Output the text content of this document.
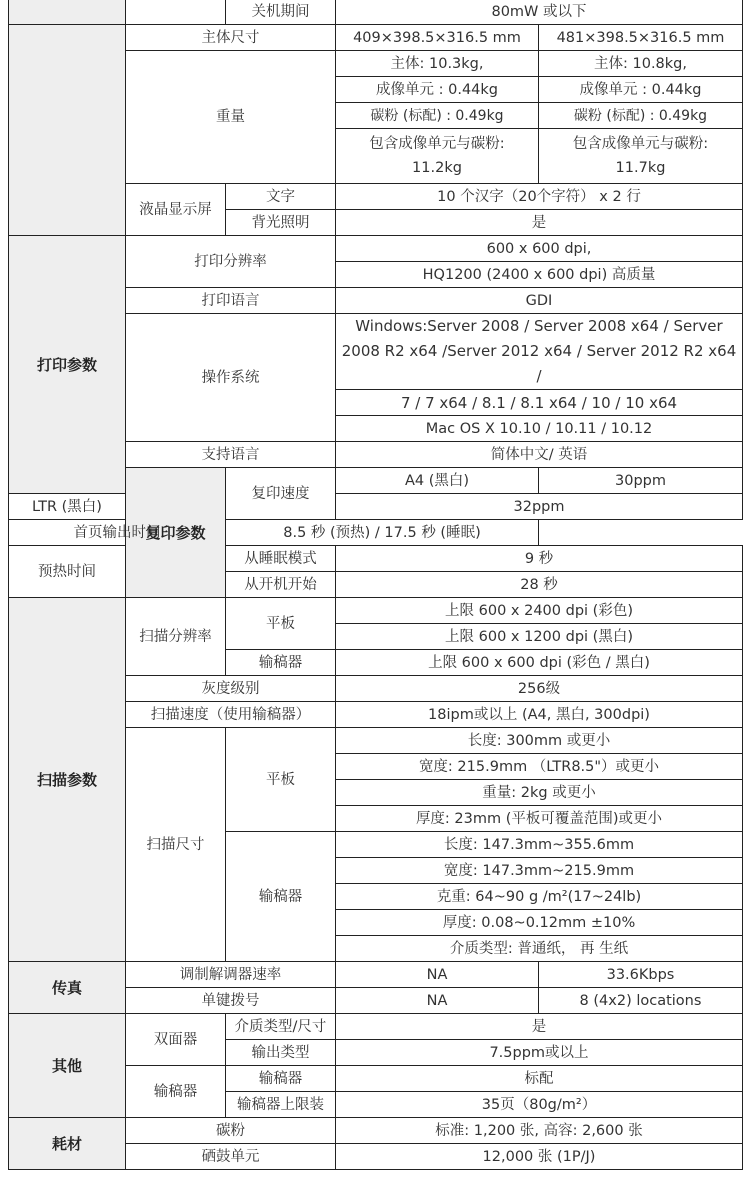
		关机期间	80mW 或以下	
	主体尺寸		409×398.5×316.5 mm	481×398.5×316.5 mm
	重量		主体: 10.3kg,	主体: 10.8kg,
			成像单元 : 0.44kg	成像单元 : 0.44kg
			碳粉 (标配) : 0.49kg	碳粉 (标配) : 0.49kg
			包含成像单元与碳粉: 11.2kg	包含成像单元与碳粉: 11.7kg
	液晶显示屏	文字	10 个汉字（20个字符） x 2 行	
		背光照明	是	
打印参数	打印分辨率		600 x 600 dpi,	
			HQ1200 (2400 x 600 dpi) 高质量	
	打印语言		GDI	
	操作系统		Windows:Server 2008 / Server 2008 x64 / Server 2008 R2 x64 /Server 2012 x64 / Server 2012 R2 x64 /	
			7 / 7 x64 / 8.1 / 8.1 x64 / 10 / 10 x64	
			Mac OS X 10.10 / 10.11 / 10.12	
	支持语言		简体中文/ 英语	
	复印参数	复印速度	A4 (黑白)	30ppm
LTR (黑白)			32ppm	
首页输出时间		8.5 秒 (预热) / 17.5 秒 (睡眠)		
预热时间		从睡眠模式	9 秒	
		从开机开始	28 秒	
扫描参数	扫描分辨率	平板	上限 600 x 2400 dpi (彩色)	
			上限 600 x 1200 dpi (黑白)	
		输稿器	上限 600 x 600 dpi (彩色 / 黑白)	
	灰度级别		256级	
	扫描速度（使用输稿器）		18ipm或以上 (A4, 黑白, 300dpi)	
	扫描尺寸	平板	长度: 300mm 或更小	
			宽度: 215.9mm （LTR8.5"）或更小	
			重量: 2kg 或更小	
			厚度: 23mm (平板可覆盖范围)或更小	
		输稿器	长度: 147.3mm~355.6mm	
			宽度: 147.3mm~215.9mm	
			克重: 64~90 g /m²(17~24lb)	
			厚度: 0.08~0.12mm ±10%	
			介质类型: 普通纸， 再 生纸	
传真	调制解调器速率		NA	33.6Kbps
	单键拨号		NA	8 (4x2) locations
其他	双面器	介质类型/尺寸	是	
		输出类型	7.5ppm或以上	
	输稿器	输稿器	标配	
		输稿器上限装	35页（80g/m²）	
耗材	碳粉		标准: 1,200 张, 高容: 2,600 张	
	硒鼓单元		12,000 张 (1P/J)	
